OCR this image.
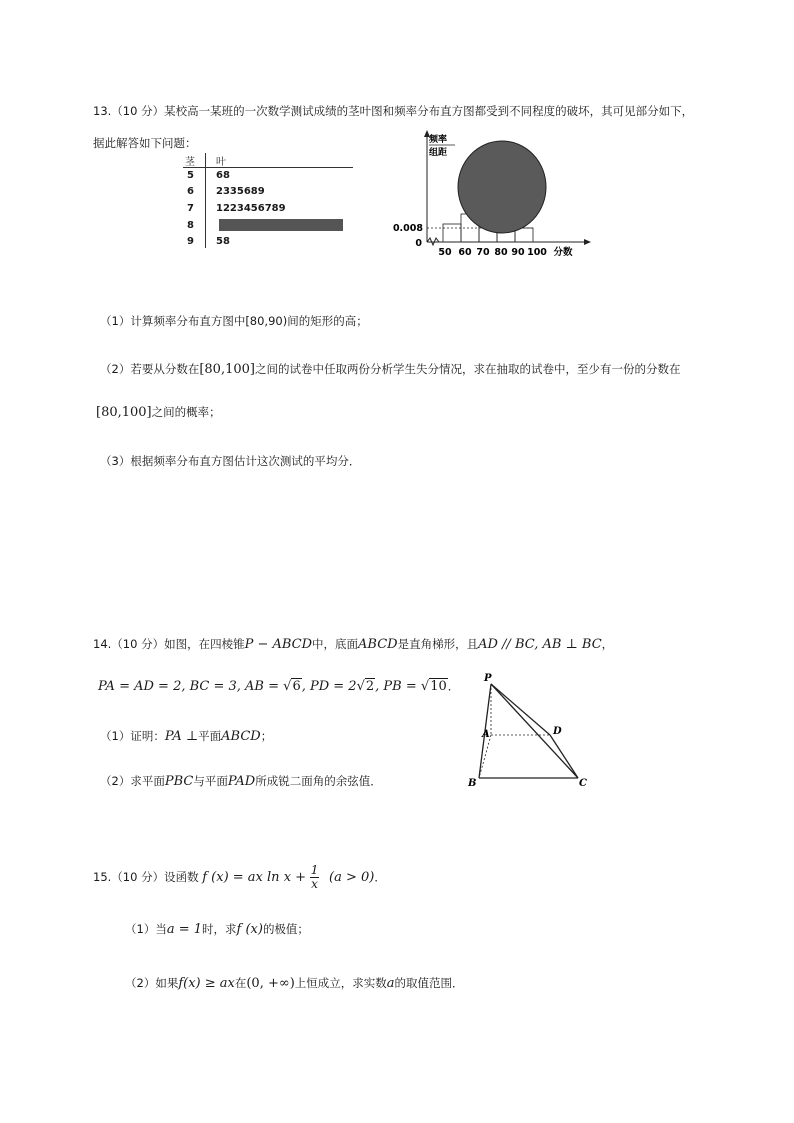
13.（10 分）某校高一某班的一次数学测试成绩的茎叶图和频率分布直方图都受到不同程度的破坏，其可见部分如下，
据此解答如下问题：
茎 叶
5	68
6	2335689
7	1223456789
8
9	58
频率
组距
0.008
0
50 60 70 80 90 100 分数
（1）计算频率分布直方图中[80,90)间的矩形的高；
（2）若要从分数在[80,100]之间的试卷中任取两份分析学生失分情况，求在抽取的试卷中，至少有一份的分数在
[80,100]之间的概率；
（3）根据频率分布直方图估计这次测试的平均分．
14.（10 分）如图，在四棱锥P − ABCD中，底面ABCD是直角梯形，且AD // BC, AB ⊥ BC，
PA = AD = 2, BC = 3, AB = √6, PD = 2√2, PB = √10．
（1）证明：PA ⊥平面ABCD；
（2）求平面PBC与平面PAD所成锐二面角的余弦值．
P
A	D
B	C
15.（10 分）设函数 f (x) = ax $\ln x + \frac{1}{x} (a > 0)$．
（1）当a = 1时，求f (x)的极值；
（2）如果f(x) ≥ ax在(0, +∞)上恒成立，求实数a的取值范围．
